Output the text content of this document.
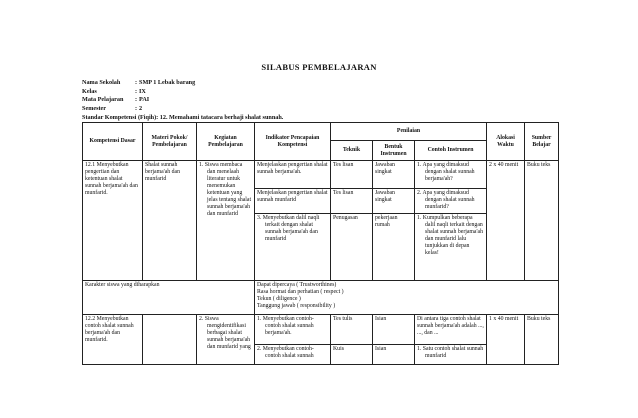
SILABUS PEMBELAJARAN
Nama Sekolah : SMP 1 Lebak barang
Kelas	: IX
Mata Pelajaran : PAI
Semester	: 2
Standar Kompetensi (Fiqih): 12. Memahami tatacara berhaji shalat sunnah.
Kompetensi Dasar	Materi Pokok/ Pembelajaran	Kegiatan Pembelajaran	Indikator Pencapaian Kompetensi	Penilaian			Alokasi Waktu	Sumber Belajar
				Teknik	Bentuk Instrumen	Contoh Instrumen		
12.1 Menyebutkan pengertian dan ketentuan shalat sunnah berjama'ah dan munfarid.	Shalat sunnah berjama'ah dan munfarid	1. Siswa membaca dan menelaah literatur untuk menemukan ketentuan yang jelas tentang shalat sunnah berjama'ah dan munfarid	Menjelaskan pengertian shalat sunnah berjama'ah.	Tes lisan	Jawaban singkat	1. Apa yang dimaksud dengan shalat sunnah berjama'ah?	2 x 40 menit	Buku teks
			Menjelaskan pengertian shalat sunnah munfarid	Tes lisan	Jawaban singkat	2. Apa yang dimaksud dengan shalat sunnah munfarid?		

			3. Menyebutkan dalil naqli terkait dengan shalat sunnah berjama'ah dan munfarid	Penugasan	pekerjaan rumah	1. Kumpulkan beberapa dalil naqli terkait dengan shalat sunnah berjama'ah dan munfarid lalu tunjukkan di depan kelas!		

Karakter siswa yang diharapkan			Dapat dipercaya ( Trustworthines)
Rasa hormat dan perhatian ( respect )
Tekun ( diligence )
Tanggung jawab ( responsibility )					

12.2 Menyebutkan contoh shalat sunnah berjama'ah dan munfarid.		2. Siswa mengidentifikasi berbagai shalat sunnah berjama'ah dan munfarid yang	1. Menyebutkan contoh-contoh shalat sunnah berjama'ah.	Tes tulis	Isian	Di antara tiga contoh shalat sunnah berjama'ah adalah ..., ..., dan ...	1 x 40 menit	Buku teks

			2. Menyebutkan contoh-contoh shalat sunnah	Kuis	Isian	1. Satu contoh shalat sunnah munfarid		
